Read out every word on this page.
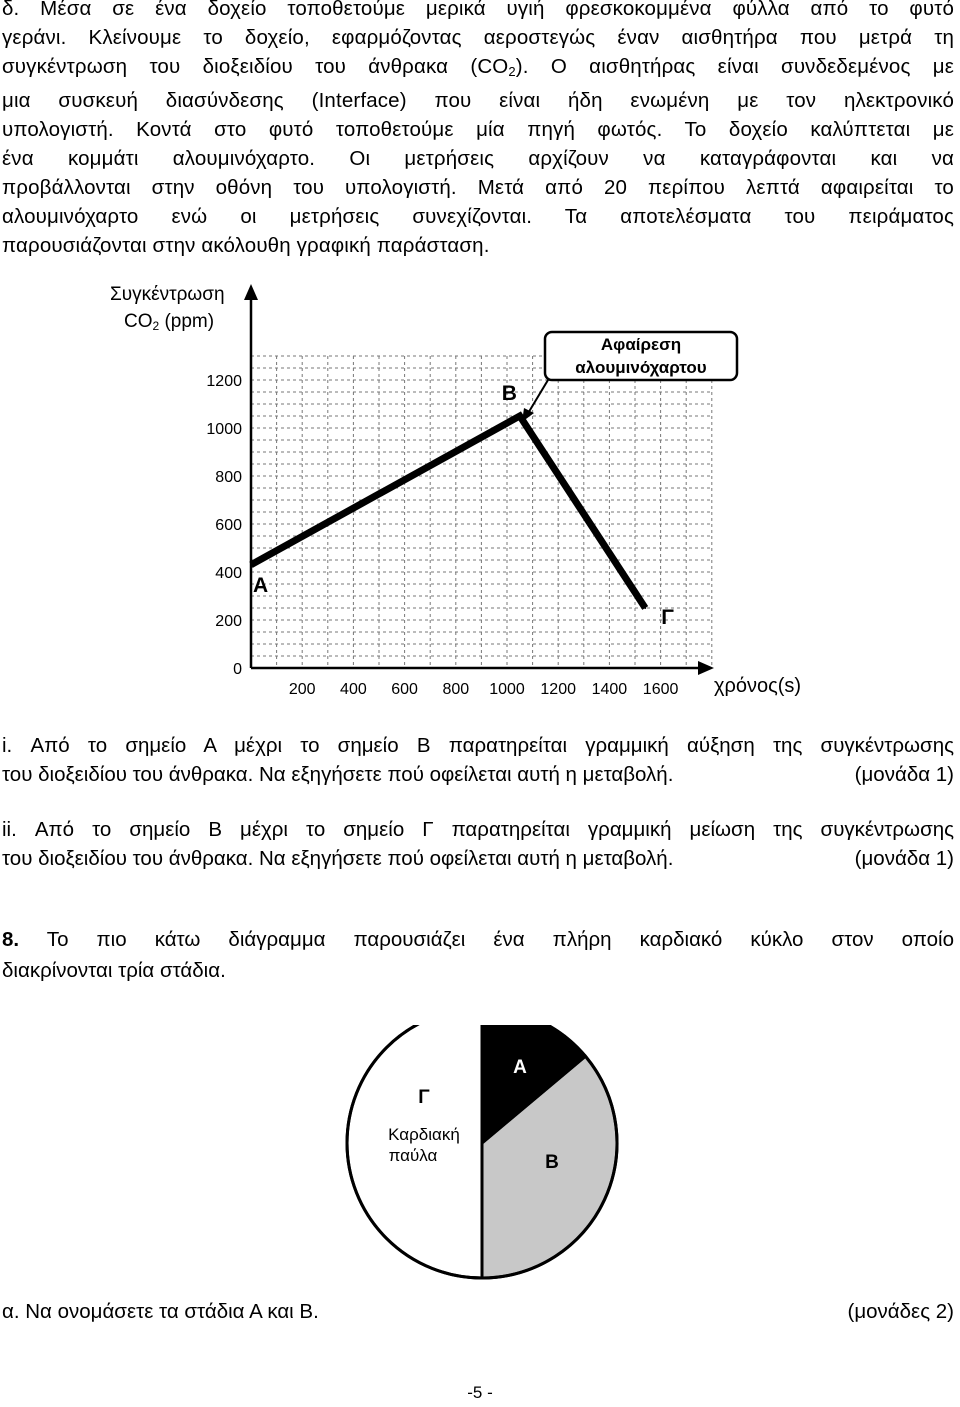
δ. Μέσα σε ένα δοχείο τοποθετούμε μερικά υγιή φρεσκοκομμένα φύλλα από το φυτό
γεράνι. Κλείνουμε το δοχείο, εφαρμόζοντας αεροστεγώς έναν αισθητήρα που μετρά τη
συγκέντρωση του διοξειδίου του άνθρακα $(CO_2)$. Ο αισθητήρας είναι συνδεδεμένος με
μια συσκευή διασύνδεσης (Interface) που είναι ήδη ενωμένη με τον ηλεκτρονικό
υπολογιστή. Κοντά στο φυτό τοποθετούμε μία πηγή φωτός. Το δοχείο καλύπτεται με
ένα κομμάτι αλουμινόχαρτο. Οι μετρήσεις αρχίζουν να καταγράφονται και να
προβάλλονται στην οθόνη του υπολογιστή. Μετά από 20 περίπου λεπτά αφαιρείται το
αλουμινόχαρτο ενώ οι μετρήσεις συνεχίζονται. Τα αποτελέσματα του πειράματος
παρουσιάζονται στην ακόλουθη γραφική παράσταση.
0
200
400
600
800
1000
1200
200 400 600 800 1000 1200 1400 1600
Α
Β
Γ
Συγκέντρωση
CO2 (ppm)
χρόνος(s)
Αφαίρεση
αλουμινόχαρτου
i. Από το σημείο Α μέχρι το σημείο Β παρατηρείται γραμμική αύξηση της συγκέντρωσης
του διοξειδίου του άνθρακα. Να εξηγήσετε πού οφείλεται αυτή η μεταβολή.	(μονάδα 1)
ii. Από το σημείο Β μέχρι το σημείο Γ παρατηρείται γραμμική μείωση της συγκέντρωσης
του διοξειδίου του άνθρακα. Να εξηγήσετε πού οφείλεται αυτή η μεταβολή.	(μονάδα 1)
8. Το πιο κάτω διάγραμμα παρουσιάζει ένα πλήρη καρδιακό κύκλο στον οποίο
διακρίνονται τρία στάδια.
Α
Β
Γ
Καρδιακή
παύλα
α. Να ονομάσετε τα στάδια Α και Β.	(μονάδες 2)
-5 -
